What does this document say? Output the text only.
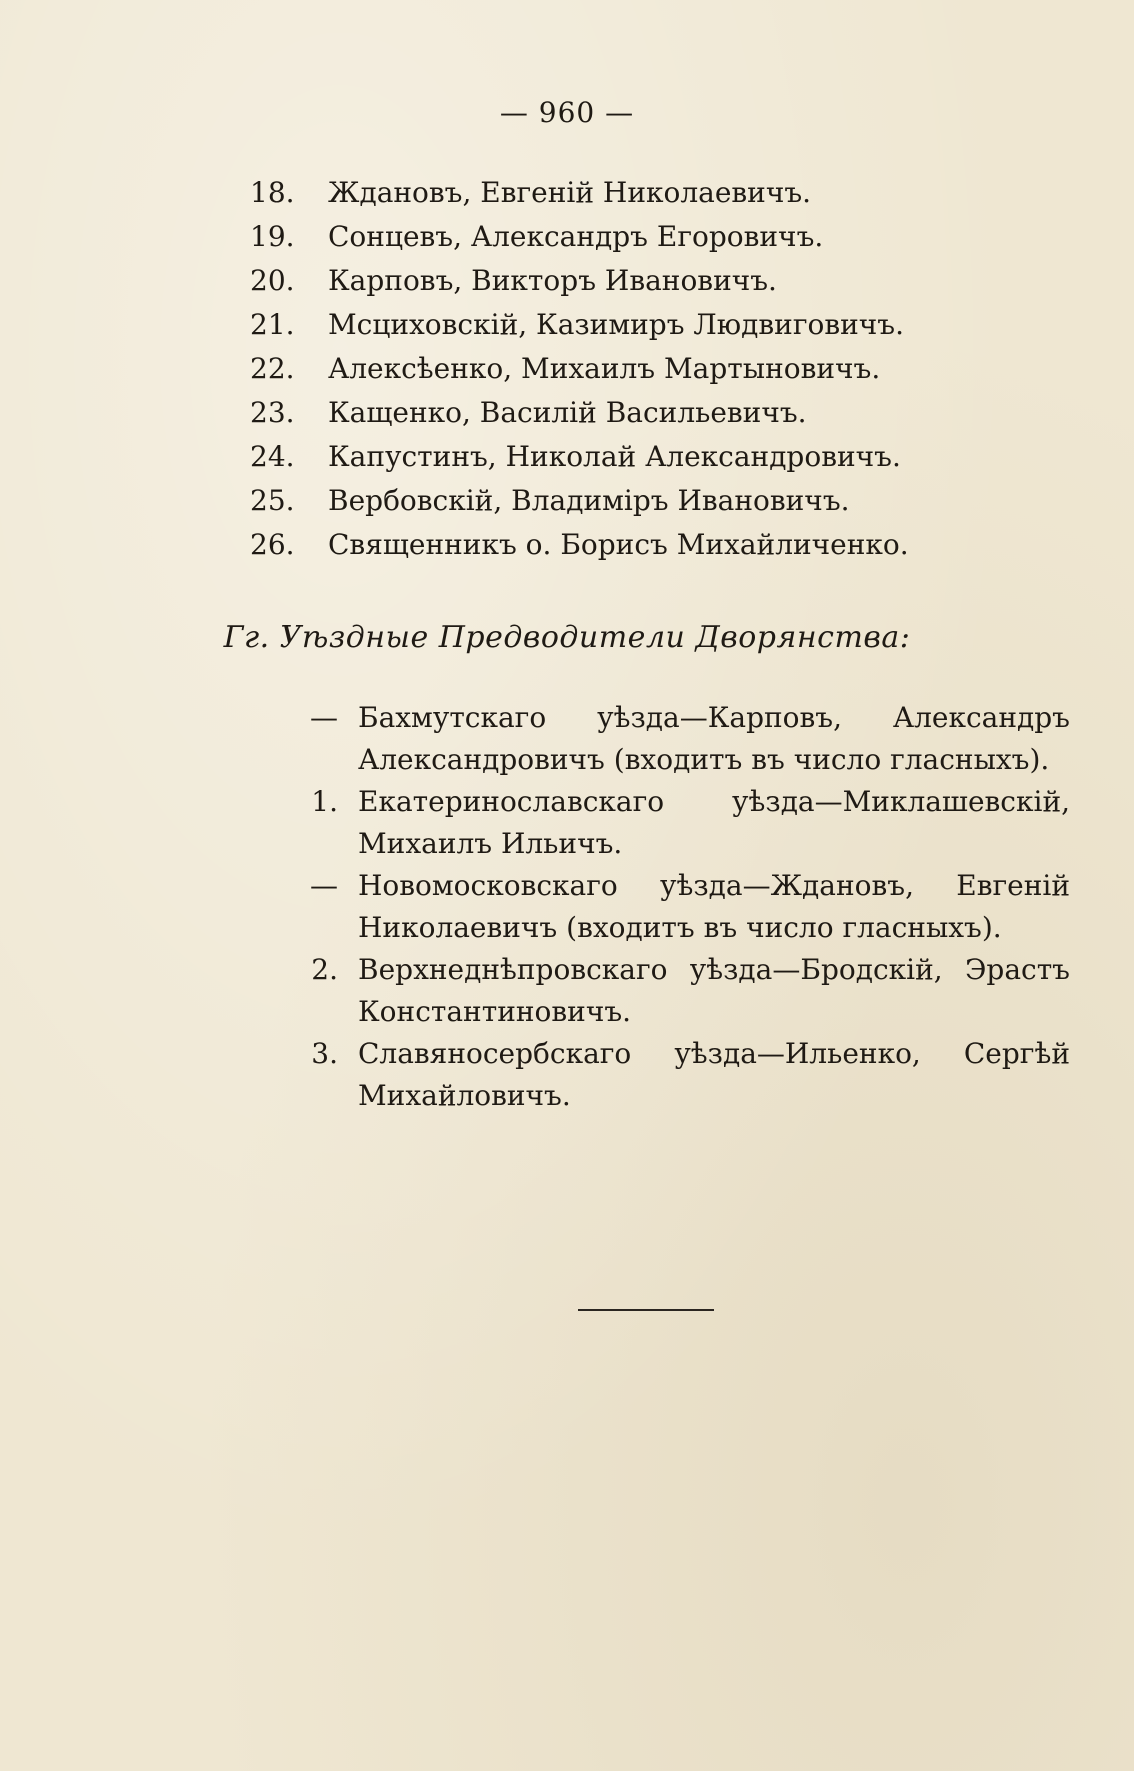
— 960 —
18.	Ждановъ, Евгеній Николаевичъ.
19.	Сонцевъ, Александръ Егоровичъ.
20.	Карповъ, Викторъ Ивановичъ.
21.	Мсциховскій, Казимиръ Людвиговичъ.
22.	Алексѣенко, Михаилъ Мартыновичъ.
23.	Кащенко, Василій Васильевичъ.
24.	Капустинъ, Николай Александровичъ.
25.	Вербовскій, Владиміръ Ивановичъ.
26.	Священникъ о. Борисъ Михайличенко.
Гг. Уѣздные Предводители Дворянства:
— Бахмутскаго уѣзда—Карповъ, Александръ Александровичъ (входитъ въ число гласныхъ).
1. Екатеринославскаго уѣзда—Миклашевскій, Михаилъ Ильичъ.
— Новомосковскаго уѣзда—Ждановъ, Евгеній Николаевичъ (входитъ въ число гласныхъ).
2. Верхнеднѣпровскаго уѣзда—Бродскій, Эрастъ Константиновичъ.
3. Славяносербскаго уѣзда—Ильенко, Сергѣй Михайловичъ.
